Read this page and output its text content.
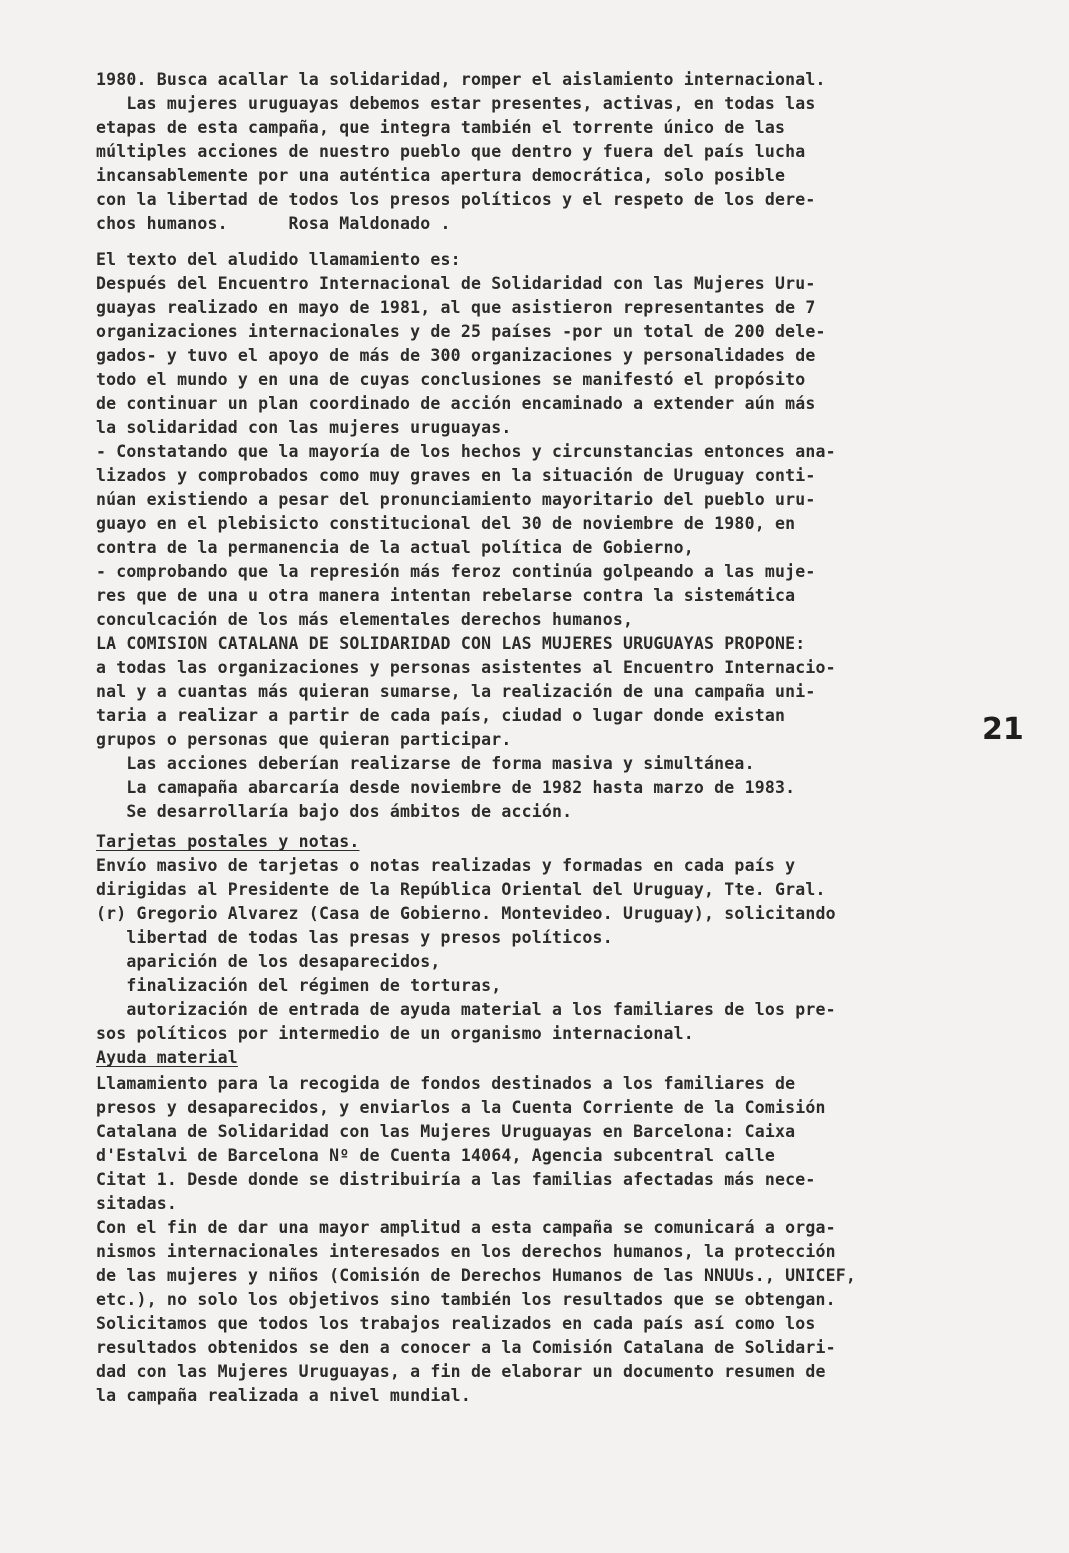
1980. Busca acallar la solidaridad, romper el aislamiento internacional.
Las mujeres uruguayas debemos estar presentes, activas, en todas las
etapas de esta campaña, que integra también el torrente único de las
múltiples acciones de nuestro pueblo que dentro y fuera del país lucha
incansablemente por una auténtica apertura democrática, solo posible
con la libertad de todos los presos políticos y el respeto de los dere-
chos humanos.      Rosa Maldonado .
El texto del aludido llamamiento es:
Después del Encuentro Internacional de Solidaridad con las Mujeres Uru-
guayas realizado en mayo de 1981, al que asistieron representantes de 7
organizaciones internacionales y de 25 países -por un total de 200 dele-
gados- y tuvo el apoyo de más de 300 organizaciones y personalidades de
todo el mundo y en una de cuyas conclusiones se manifestó el propósito
de continuar un plan coordinado de acción encaminado a extender aún más
la solidaridad con las mujeres uruguayas.
- Constatando que la mayoría de los hechos y circunstancias entonces ana-
lizados y comprobados como muy graves en la situación de Uruguay conti-
núan existiendo a pesar del pronunciamiento mayoritario del pueblo uru-
guayo en el plebisicto constitucional del 30 de noviembre de 1980, en
contra de la permanencia de la actual política de Gobierno,
- comprobando que la represión más feroz continúa golpeando a las muje-
res que de una u otra manera intentan rebelarse contra la sistemática
conculcación de los más elementales derechos humanos,
LA COMISION CATALANA DE SOLIDARIDAD CON LAS MUJERES URUGUAYAS PROPONE:
a todas las organizaciones y personas asistentes al Encuentro Internacio-
nal y a cuantas más quieran sumarse, la realización de una campaña uni-
taria a realizar a partir de cada país, ciudad o lugar donde existan
grupos o personas que quieran participar.
Las acciones deberían realizarse de forma masiva y simultánea.
La camapaña abarcaría desde noviembre de 1982 hasta marzo de 1983.
Se desarrollaría bajo dos ámbitos de acción.
Tarjetas postales y notas.
Envío masivo de tarjetas o notas realizadas y formadas en cada país y
dirigidas al Presidente de la República Oriental del Uruguay, Tte. Gral.
(r) Gregorio Alvarez (Casa de Gobierno. Montevideo. Uruguay), solicitando
libertad de todas las presas y presos políticos.
aparición de los desaparecidos,
finalización del régimen de torturas,
autorización de entrada de ayuda material a los familiares de los pre-
sos políticos por intermedio de un organismo internacional.
Ayuda material
Llamamiento para la recogida de fondos destinados a los familiares de
presos y desaparecidos, y enviarlos a la Cuenta Corriente de la Comisión
Catalana de Solidaridad con las Mujeres Uruguayas en Barcelona: Caixa
d'Estalvi de Barcelona Nº de Cuenta 14064, Agencia subcentral calle
Citat 1. Desde donde se distribuiría a las familias afectadas más nece-
sitadas.
Con el fin de dar una mayor amplitud a esta campaña se comunicará a orga-
nismos internacionales interesados en los derechos humanos, la protección
de las mujeres y niños (Comisión de Derechos Humanos de las NNUUs., UNICEF,
etc.), no solo los objetivos sino también los resultados que se obtengan.
Solicitamos que todos los trabajos realizados en cada país así como los
resultados obtenidos se den a conocer a la Comisión Catalana de Solidari-
dad con las Mujeres Uruguayas, a fin de elaborar un documento resumen de
la campaña realizada a nivel mundial.
21
